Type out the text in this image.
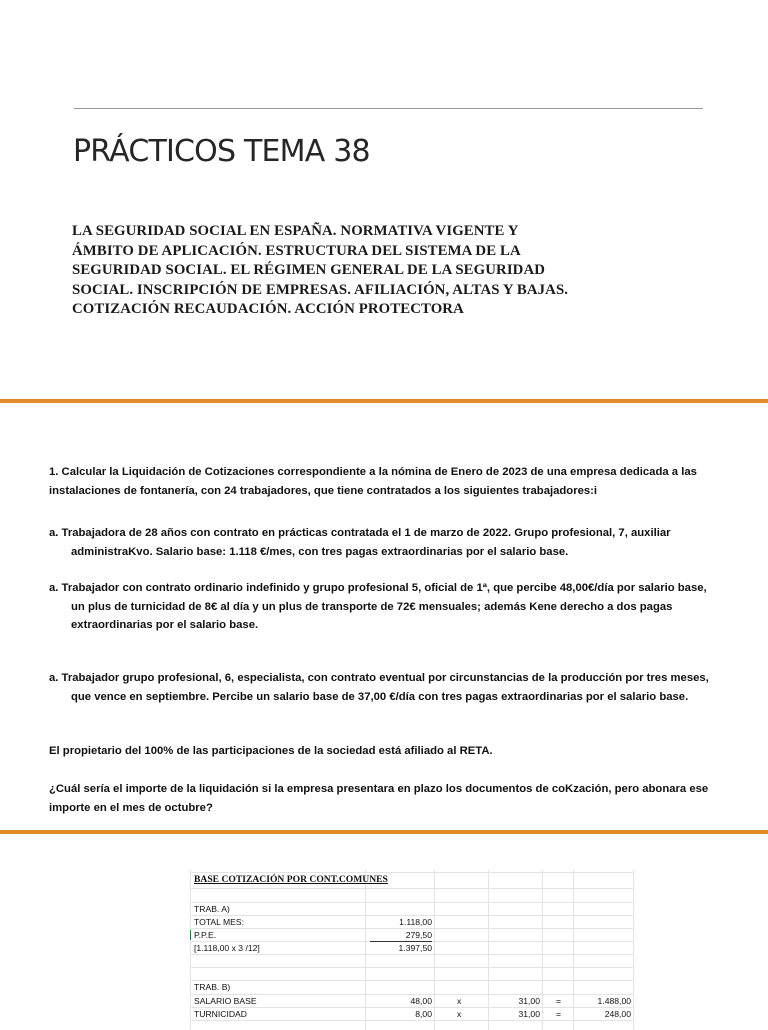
PRÁCTICOS TEMA 38
LA SEGURIDAD SOCIAL EN ESPAÑA. NORMATIVA VIGENTE Y
ÁMBITO DE APLICACIÓN. ESTRUCTURA DEL SISTEMA DE LA
SEGURIDAD SOCIAL. EL RÉGIMEN GENERAL DE LA SEGURIDAD
SOCIAL. INSCRIPCIÓN DE EMPRESAS. AFILIACIÓN, ALTAS Y BAJAS.
COTIZACIÓN RECAUDACIÓN. ACCIÓN PROTECTORA
1. Calcular la Liquidación de Cotizaciones correspondiente a la nómina de Enero de 2023 de una empresa dedicada a las
instalaciones de fontanería, con 24 trabajadores, que tiene contratados a los siguientes trabajadores:i
a. Trabajadora de 28 años con contrato en prácticas contratada el 1 de marzo de 2022. Grupo profesional, 7, auxiliar
administraKvo. Salario base: 1.118 €/mes, con tres pagas extraordinarias por el salario base.
a. Trabajador con contrato ordinario indefinido y grupo profesional 5, oficial de 1ª, que percibe 48,00€/día por salario base,
un plus de turnicidad de 8€ al día y un plus de transporte de 72€ mensuales; además Kene derecho a dos pagas
extraordinarias por el salario base.
a. Trabajador grupo profesional, 6, especialista, con contrato eventual por circunstancias de la producción por tres meses,
que vence en septiembre. Percibe un salario base de 37,00 €/día con tres pagas extraordinarias por el salario base.
El propietario del 100% de las participaciones de la sociedad está afiliado al RETA.
¿Cuál sería el importe de la liquidación si la empresa presentara en plazo los documentos de coKzación, pero abonara ese
importe en el mes de octubre?
BASE COTIZACIÓN POR CONT.COMUNES
TRAB. A)
TOTAL MES:	1.118,00
P.P.E.	279,50
[1.118,00 x 3 /12]	1.397,50
TRAB. B)
SALARIO BASE	48,00	x	31,00 =	1.488,00
TURNICIDAD	8,00	x	31,00 =	248,00
